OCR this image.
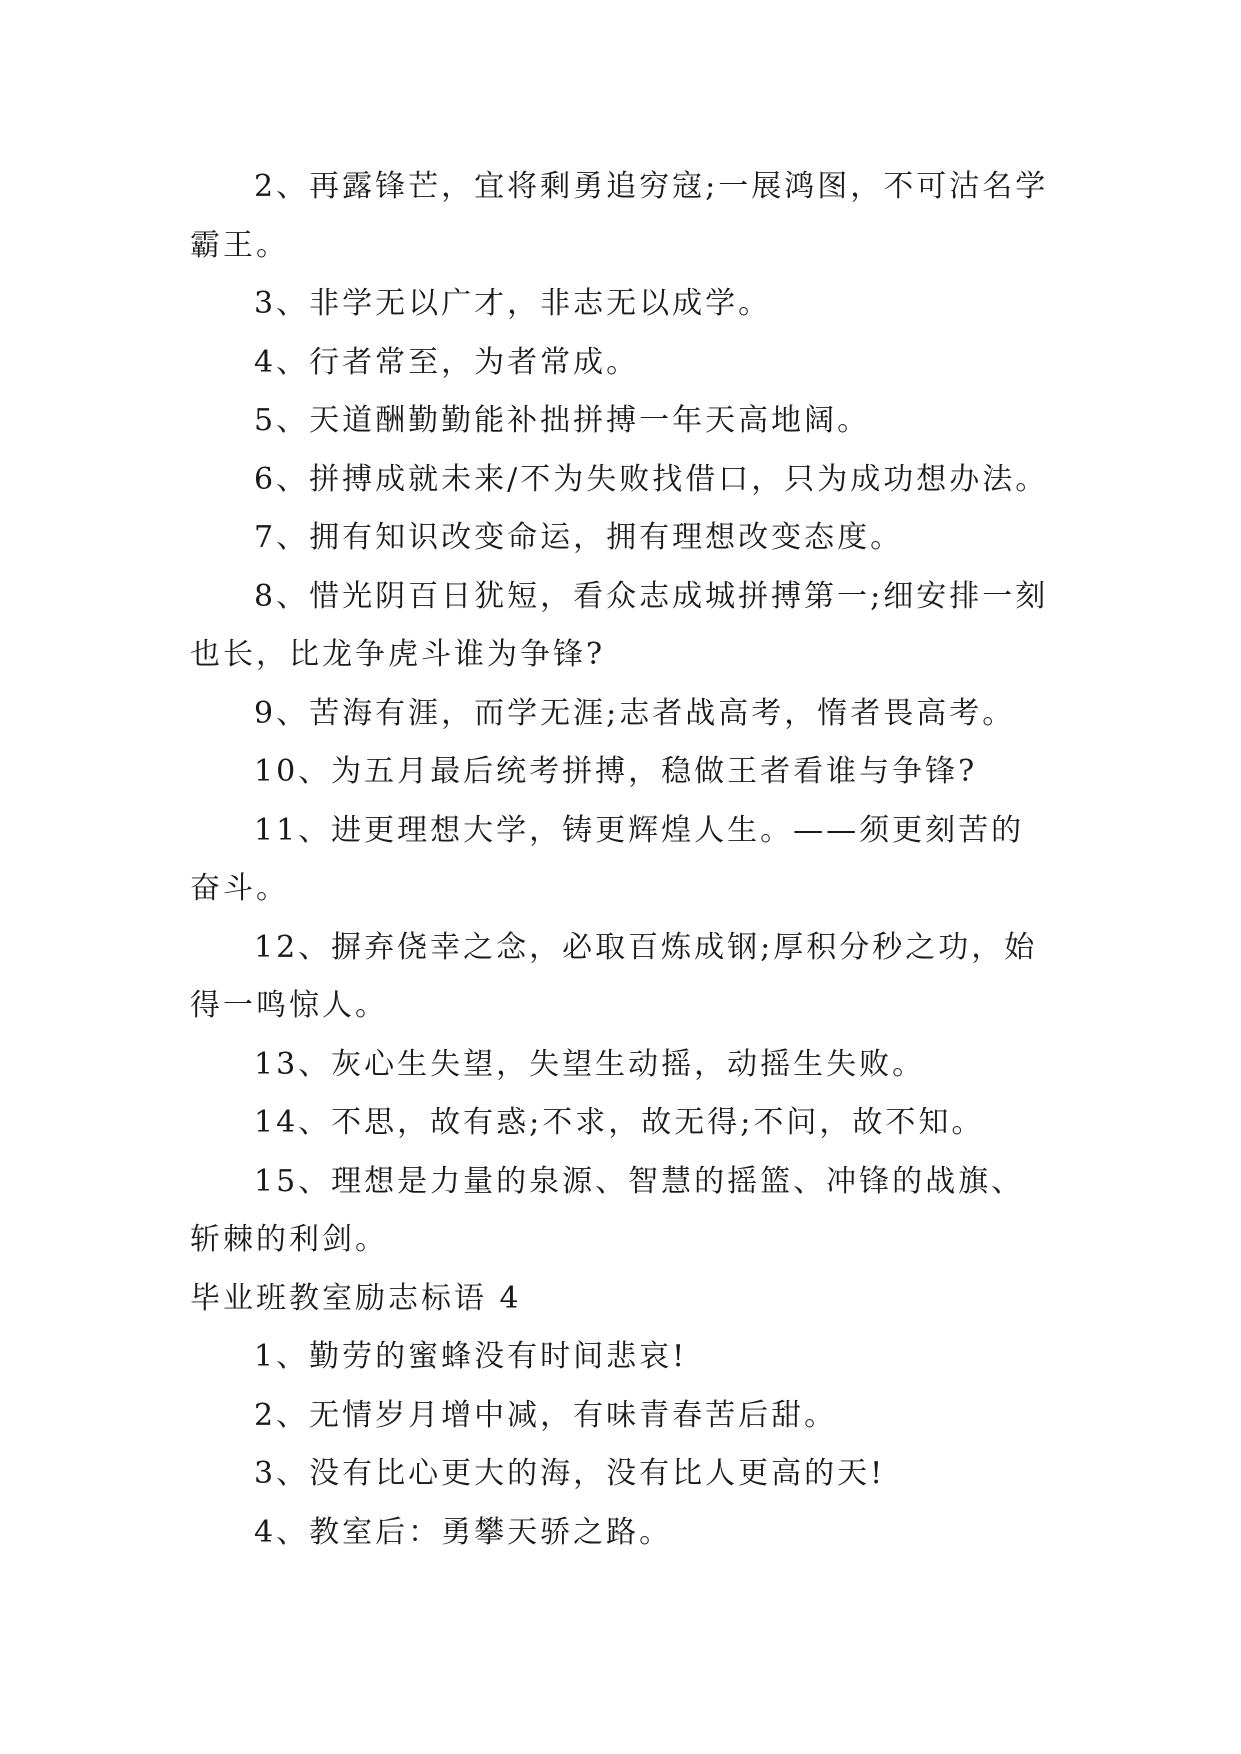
2、再露锋芒，宜将剩勇追穷寇;一展鸿图，不可沽名学霸王。

3、非学无以广才，非志无以成学。

4、行者常至，为者常成。

5、天道酬勤勤能补拙拼搏一年天高地阔。

6、拼搏成就未来/不为失败找借口，只为成功想办法。

7、拥有知识改变命运，拥有理想改变态度。

8、惜光阴百日犹短，看众志成城拼搏第一;细安排一刻也长，比龙争虎斗谁为争锋?

9、苦海有涯，而学无涯;志者战高考，惰者畏高考。

10、为五月最后统考拼搏，稳做王者看谁与争锋?

11、进更理想大学，铸更辉煌人生。——须更刻苦的奋斗。

12、摒弃侥幸之念，必取百炼成钢;厚积分秒之功，始得一鸣惊人。

13、灰心生失望，失望生动摇，动摇生失败。

14、不思，故有惑;不求，故无得;不问，故不知。

15、理想是力量的泉源、智慧的摇篮、冲锋的战旗、斩棘的利剑。

毕业班教室励志标语 4

1、勤劳的蜜蜂没有时间悲哀!

2、无情岁月增中减，有味青春苦后甜。

3、没有比心更大的海，没有比人更高的天!

4、教室后：勇攀天骄之路。
